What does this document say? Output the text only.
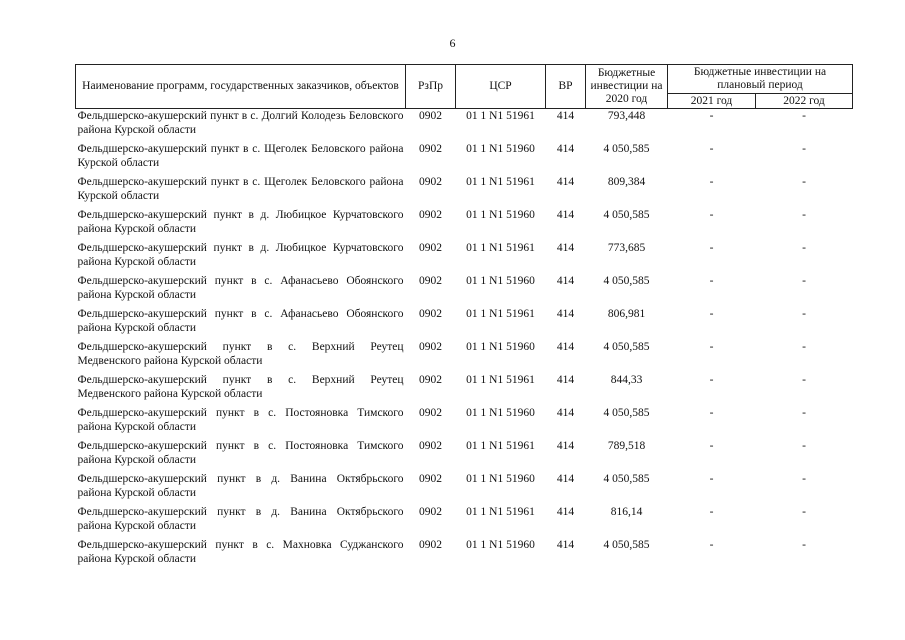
6
Наименование программ, государственных заказчиков, объектов	РзПр	ЦСР	ВР	Бюджетные инвестиции на 2020 год	Бюджетные инвестиции на плановый период	
					2021 год	2022 год
Фельдшерско-акушерский пункт в с. Долгий Колодезь Беловского района Курской области	0902	01 1 N1 51961	414	793,448	-	-
Фельдшерско-акушерский пункт в с. Щеголек Беловского района Курской области	0902	01 1 N1 51960	414	4 050,585	-	-
Фельдшерско-акушерский пункт в с. Щеголек Беловского района Курской области	0902	01 1 N1 51961	414	809,384	-	-
Фельдшерско-акушерский пункт в д. Любицкое Курчатовского района Курской области	0902	01 1 N1 51960	414	4 050,585	-	-
Фельдшерско-акушерский пункт в д. Любицкое Курчатовского района Курской области	0902	01 1 N1 51961	414	773,685	-	-
Фельдшерско-акушерский пункт в с. Афанасьево Обоянского района Курской области	0902	01 1 N1 51960	414	4 050,585	-	-
Фельдшерско-акушерский пункт в с. Афанасьево Обоянского района Курской области	0902	01 1 N1 51961	414	806,981	-	-
Фельдшерско-акушерский пункт в с. Верхний Реутец Медвенского района Курской области	0902	01 1 N1 51960	414	4 050,585	-	-
Фельдшерско-акушерский пункт в с. Верхний Реутец Медвенского района Курской области	0902	01 1 N1 51961	414	844,33	-	-
Фельдшерско-акушерский пункт в с. Постояновка Тимского района Курской области	0902	01 1 N1 51960	414	4 050,585	-	-
Фельдшерско-акушерский пункт в с. Постояновка Тимского района Курской области	0902	01 1 N1 51961	414	789,518	-	-
Фельдшерско-акушерский пункт в д. Ванина Октябрьского района Курской области	0902	01 1 N1 51960	414	4 050,585	-	-
Фельдшерско-акушерский пункт в д. Ванина Октябрьского района Курской области	0902	01 1 N1 51961	414	816,14	-	-
Фельдшерско-акушерский пункт в с. Махновка Суджанского района Курской области	0902	01 1 N1 51960	414	4 050,585	-	-
